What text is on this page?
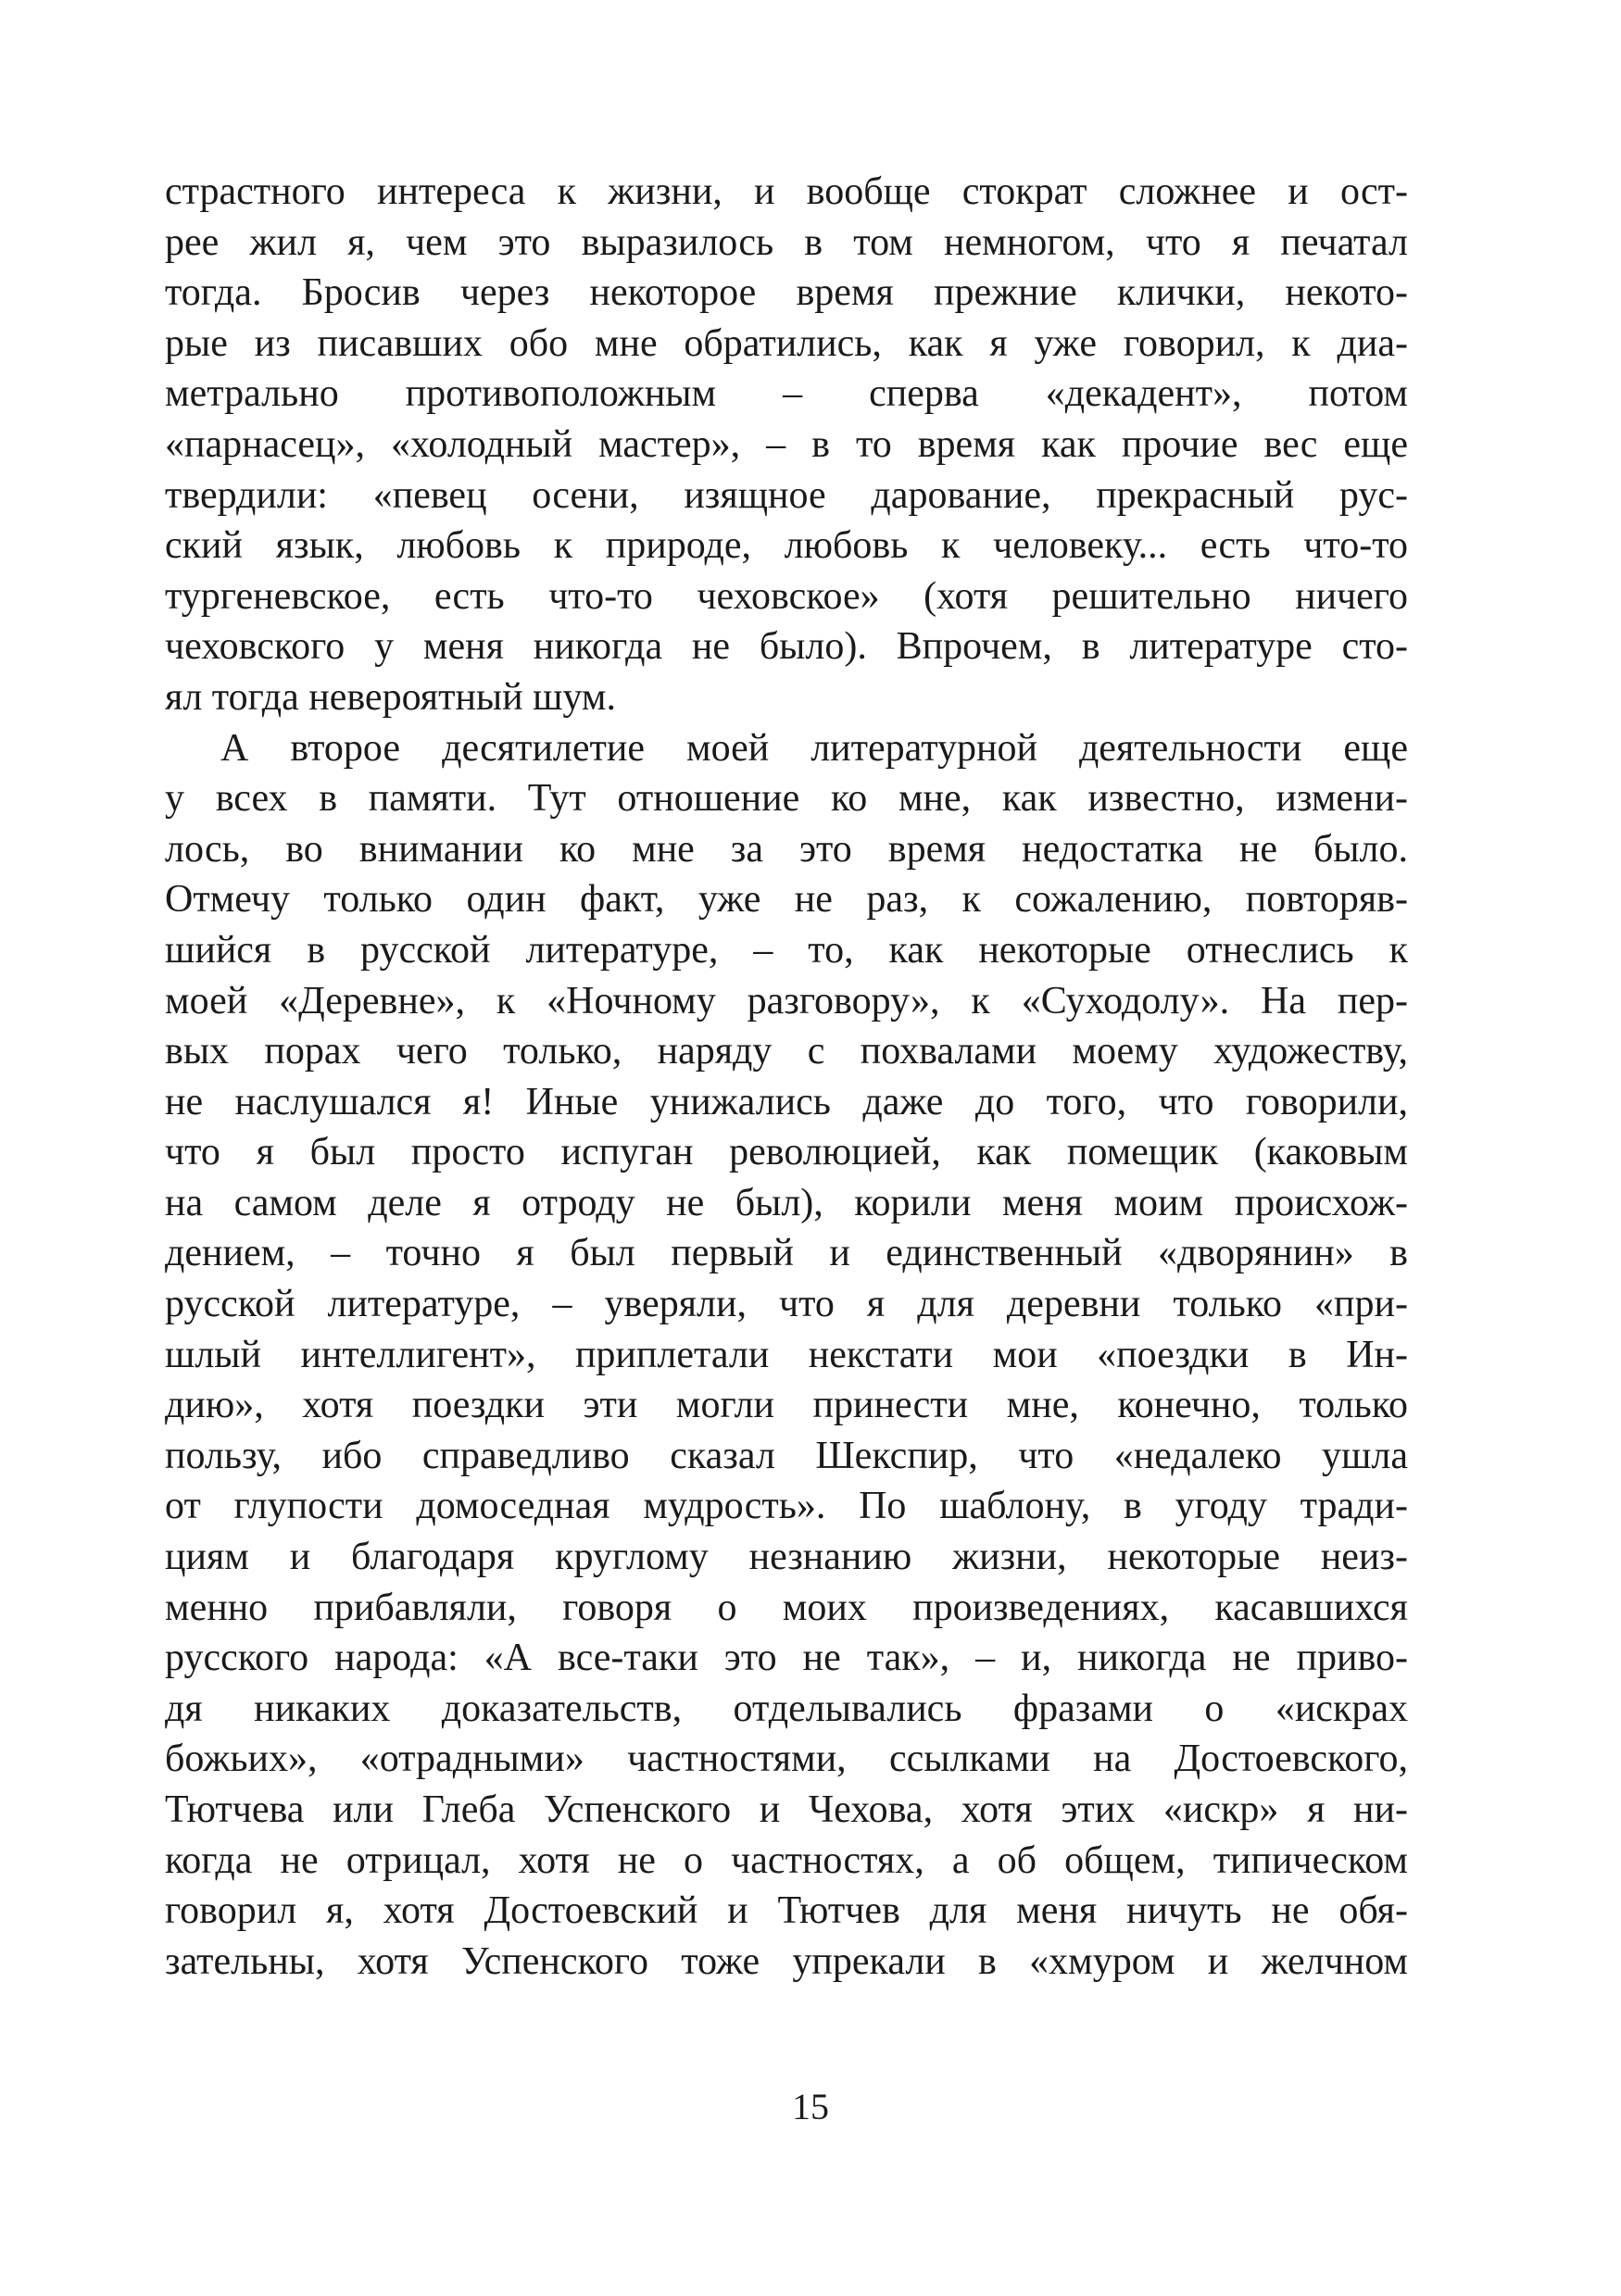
страстного интереса к жизни, и вообще стократ сложнее и ост-
рее жил я, чем это выразилось в том немногом, что я печатал
тогда. Бросив через некоторое время прежние клички, некото-
рые из писавших обо мне обратились, как я уже говорил, к диа-
метрально противоположным – сперва «декадент», потом
«парнасец», «холодный мастер», – в то время как прочие вес еще
твердили: «певец осени, изящное дарование, прекрасный рус-
ский язык, любовь к природе, любовь к человеку... есть что-то
тургеневское, есть что-то чеховское» (хотя решительно ничего
чеховского у меня никогда не было). Впрочем, в литературе сто-
ял тогда невероятный шум.
А второе десятилетие моей литературной деятельности еще
у всех в памяти. Тут отношение ко мне, как известно, измени-
лось, во внимании ко мне за это время недостатка не было.
Отмечу только один факт, уже не раз, к сожалению, повторяв-
шийся в русской литературе, – то, как некоторые отнеслись к
моей «Деревне», к «Ночному разговору», к «Суходолу». На пер-
вых порах чего только, наряду с похвалами моему художеству,
не наслушался я! Иные унижались даже до того, что говорили,
что я был просто испуган революцией, как помещик (каковым
на самом деле я отроду не был), корили меня моим происхож-
дением, – точно я был первый и единственный «дворянин» в
русской литературе, – уверяли, что я для деревни только «при-
шлый интеллигент», приплетали некстати мои «поездки в Ин-
дию», хотя поездки эти могли принести мне, конечно, только
пользу, ибо справедливо сказал Шекспир, что «недалеко ушла
от глупости домоседная мудрость». По шаблону, в угоду тради-
циям и благодаря круглому незнанию жизни, некоторые неиз-
менно прибавляли, говоря о моих произведениях, касавшихся
русского народа: «А все-таки это не так», – и, никогда не приво-
дя никаких доказательств, отделывались фразами о «искрах
божьих», «отрадными» частностями, ссылками на Достоевского,
Тютчева или Глеба Успенского и Чехова, хотя этих «искр» я ни-
когда не отрицал, хотя не о частностях, а об общем, типическом
говорил я, хотя Достоевский и Тютчев для меня ничуть не обя-
зательны, хотя Успенского тоже упрекали в «хмуром и желчном
15
